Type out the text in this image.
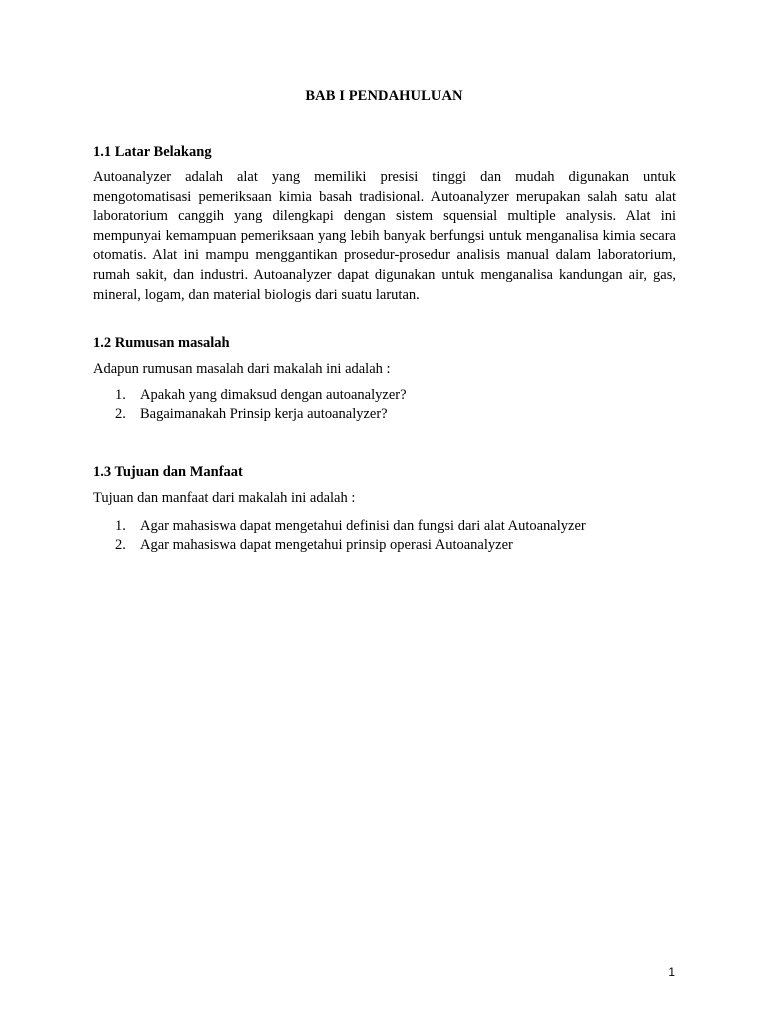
BAB I PENDAHULUAN

1.1 Latar Belakang

Autoanalyzer adalah alat yang memiliki presisi tinggi dan mudah digunakan untuk mengotomatisasi pemeriksaan kimia basah tradisional. Autoanalyzer merupakan salah satu alat laboratorium canggih yang dilengkapi dengan sistem squensial multiple analysis. Alat ini mempunyai kemampuan pemeriksaan yang lebih banyak berfungsi untuk menganalisa kimia secara otomatis. Alat ini mampu menggantikan prosedur-prosedur analisis manual dalam laboratorium, rumah sakit, dan industri. Autoanalyzer dapat digunakan untuk menganalisa kandungan air, gas, mineral, logam, dan material biologis dari suatu larutan.

1.2 Rumusan masalah

Adapun rumusan masalah dari makalah ini adalah :

1. Apakah yang dimaksud dengan autoanalyzer?
2. Bagaimanakah Prinsip kerja autoanalyzer?

1.3 Tujuan dan Manfaat

Tujuan dan manfaat dari makalah ini adalah :

1. Agar mahasiswa dapat mengetahui definisi dan fungsi dari alat Autoanalyzer
2. Agar mahasiswa dapat mengetahui prinsip operasi Autoanalyzer
1
